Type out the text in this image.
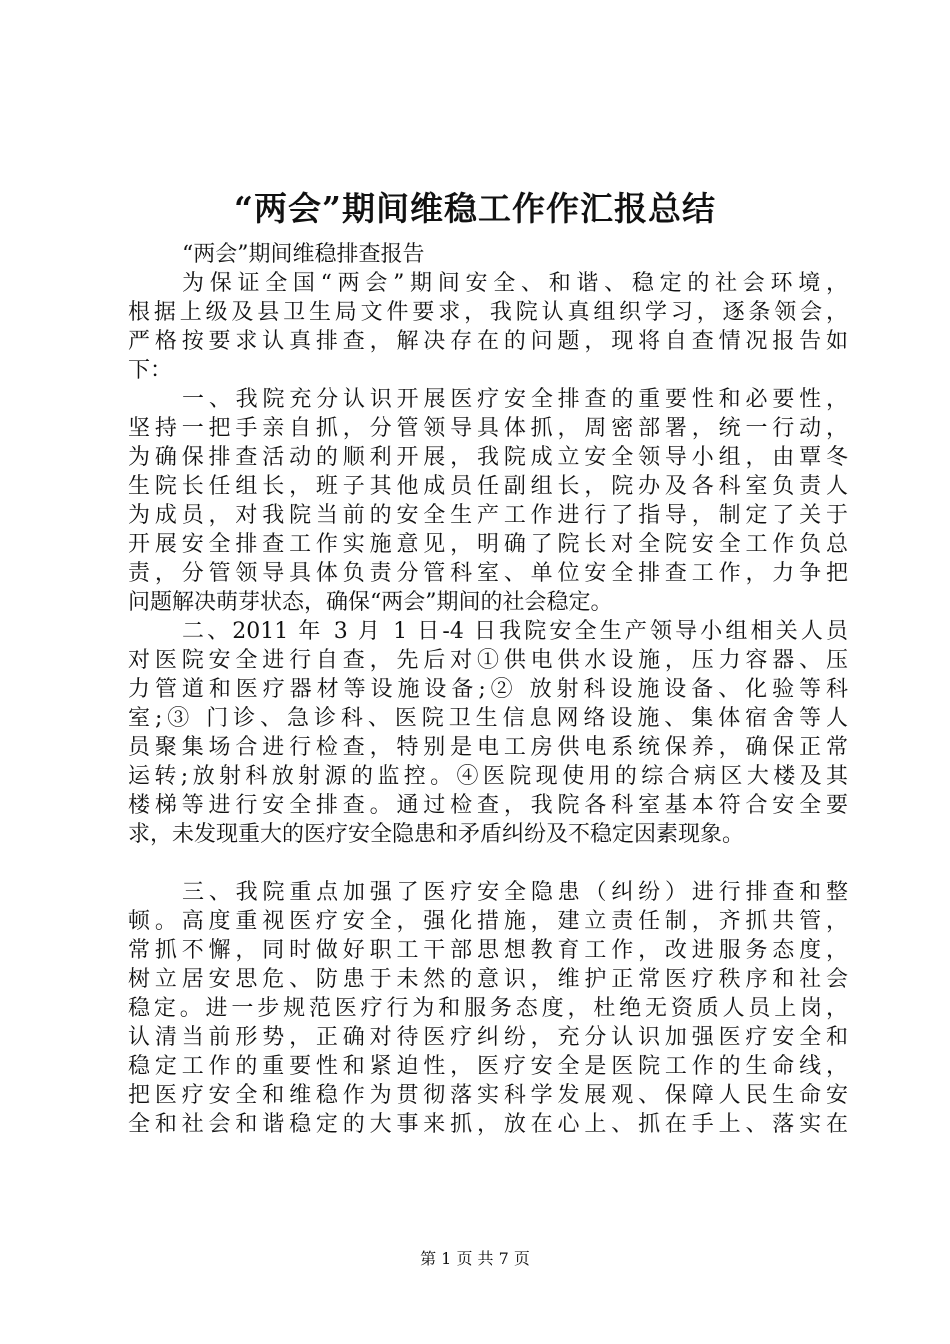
“两会”期间维稳工作作汇报总结
“两会”期间维稳排查报告
为保证全国“两会”期间安全、和谐、稳定的社会环境，
根据上级及县卫生局文件要求，我院认真组织学习，逐条领会，
严格按要求认真排查，解决存在的问题，现将自查情况报告如
下：
一、我院充分认识开展医疗安全排查的重要性和必要性，
坚持一把手亲自抓，分管领导具体抓，周密部署，统一行动，
为确保排查活动的顺利开展，我院成立安全领导小组，由覃冬
生院长任组长，班子其他成员任副组长，院办及各科室负责人
为成员，对我院当前的安全生产工作进行了指导，制定了关于
开展安全排查工作实施意见，明确了院长对全院安全工作负总
责，分管领导具体负责分管科室、单位安全排查工作，力争把
问题解决萌芽状态，确保“两会”期间的社会稳定。
二、2011 年 3 月 1 日-4 日我院安全生产领导小组相关人员
对医院安全进行自查，先后对①供电供水设施，压力容器、压
力管道和医疗器材等设施设备;② 放射科设施设备、化验等科
室;③ 门诊、急诊科、医院卫生信息网络设施、集体宿舍等人
员聚集场合进行检查，特别是电工房供电系统保养，确保正常
运转;放射科放射源的监控。④医院现使用的综合病区大楼及其
楼梯等进行安全排查。通过检查，我院各科室基本符合安全要
求，未发现重大的医疗安全隐患和矛盾纠纷及不稳定因素现象。
三、我院重点加强了医疗安全隐患（纠纷）进行排查和整
顿。高度重视医疗安全，强化措施，建立责任制，齐抓共管，
常抓不懈，同时做好职工干部思想教育工作，改进服务态度，
树立居安思危、防患于未然的意识，维护正常医疗秩序和社会
稳定。进一步规范医疗行为和服务态度，杜绝无资质人员上岗，
认清当前形势，正确对待医疗纠纷，充分认识加强医疗安全和
稳定工作的重要性和紧迫性，医疗安全是医院工作的生命线，
把医疗安全和维稳作为贯彻落实科学发展观、保障人民生命安
全和社会和谐稳定的大事来抓，放在心上、抓在手上、落实在
第 1 页 共 7 页
